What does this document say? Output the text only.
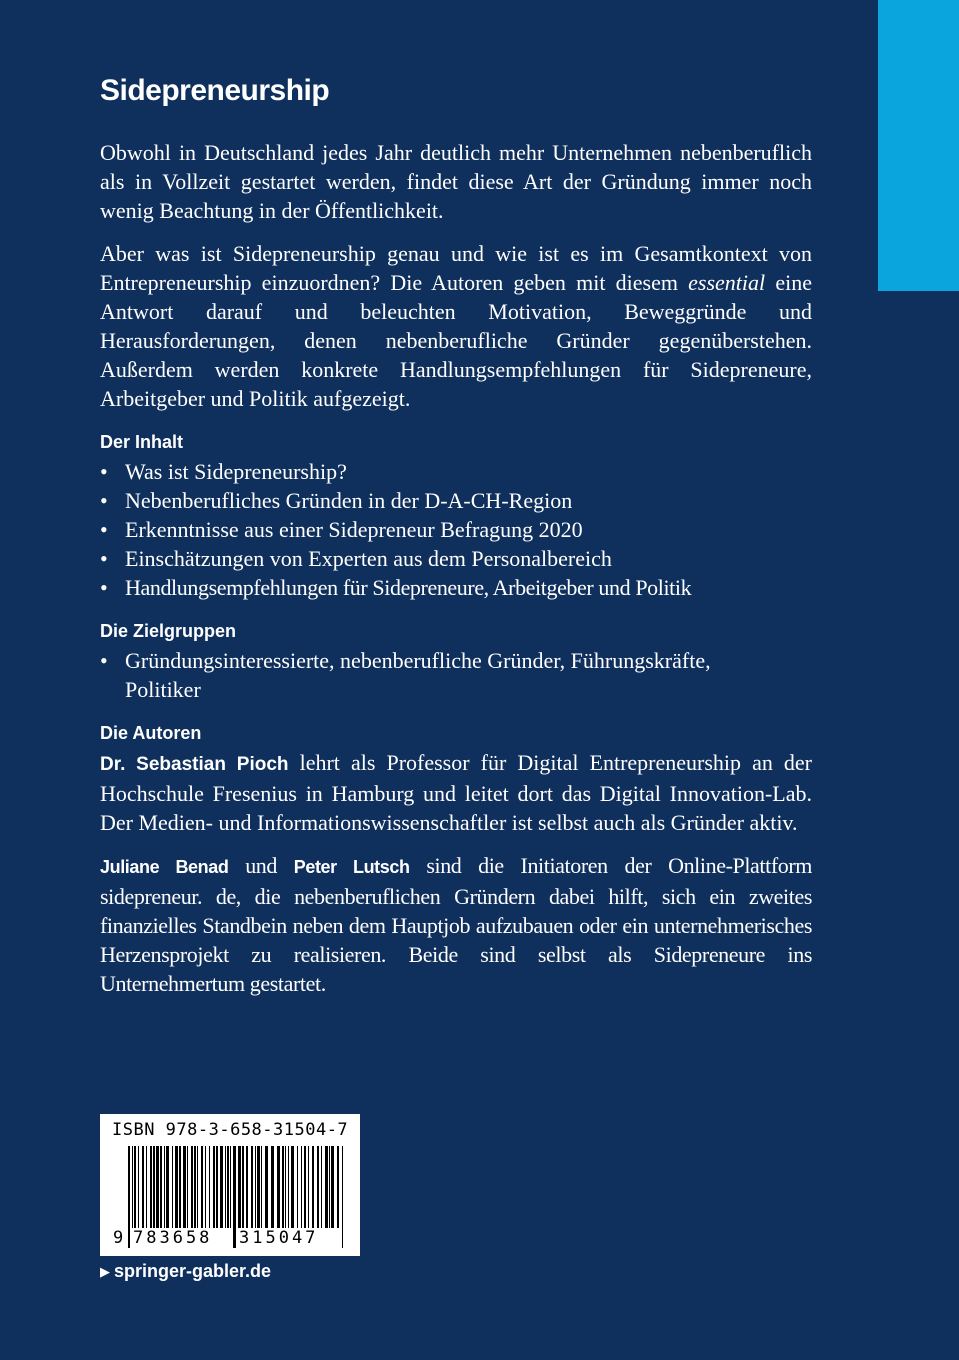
Sidepreneurship

Obwohl in Deutschland jedes Jahr deutlich mehr Unternehmen nebenberuflich als in Vollzeit gestartet werden, findet diese Art der Gründung immer noch wenig Beachtung in der Öffentlichkeit.

Aber was ist Sidepreneurship genau und wie ist es im Gesamtkontext von Entrepreneurship einzuordnen? Die Autoren geben mit diesem essential eine Antwort darauf und beleuchten Motivation, Beweggründe und Herausforderungen, denen nebenberufliche Gründer gegenüberstehen. Außerdem werden konkrete Handlungsempfehlungen für Sidepreneure, Arbeitgeber und Politik aufgezeigt.

Der Inhalt
• Was ist Sidepreneurship?
• Nebenberufliches Gründen in der D-A-CH-Region
• Erkenntnisse aus einer Sidepreneur Befragung 2020
• Einschätzungen von Experten aus dem Personalbereich
• Handlungsempfehlungen für Sidepreneure, Arbeitgeber und Politik
Die Zielgruppen
• Gründungsinteressierte, nebenberufliche Gründer, Führungskräfte, Politiker
Die Autoren

Dr. Sebastian Pioch lehrt als Professor für Digital Entrepreneurship an der Hochschule Fresenius in Hamburg und leitet dort das Digital Innovation-Lab. Der Medien- und Informationswissenschaftler ist selbst auch als Gründer aktiv.

Juliane Benad und Peter Lutsch sind die Initiatoren der Online-Plattform sidepreneur. de, die nebenberuflichen Gründern dabei hilft, sich ein zweites finanzielles Standbein neben dem Hauptjob aufzubauen oder ein unternehmerisches Herzensprojekt zu realisieren. Beide sind selbst als Sidepreneure ins Unternehmertum gestartet.

ISBN 978-3-658-31504-7
9 783658 315047
▶ springer-gabler.de
